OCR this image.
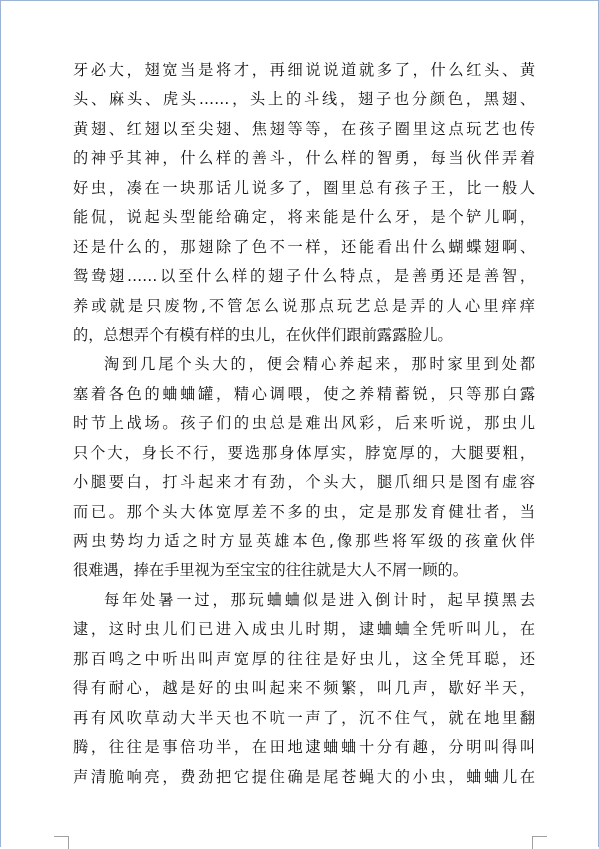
牙必大，翅宽当是将才，再细说说道就多了，什么红头、黄
头、麻头、虎头……，头上的斗线，翅子也分颜色，黑翅、
黄翅、红翅以至尖翅、焦翅等等，在孩子圈里这点玩艺也传
的神乎其神，什么样的善斗，什么样的智勇，每当伙伴弄着
好虫，凑在一块那话儿说多了，圈里总有孩子王，比一般人
能侃，说起头型能给确定，将来能是什么牙，是个铲儿啊，
还是什么的，那翅除了色不一样，还能看出什么蝴蝶翅啊、
鸳鸯翅……以至什么样的翅子什么特点，是善勇还是善智，
养或就是只废物,不管怎么说那点玩艺总是弄的人心里痒痒
的，总想弄个有模有样的虫儿，在伙伴们跟前露露脸儿。
淘到几尾个头大的，便会精心养起来，那时家里到处都
塞着各色的蛐蛐罐，精心调喂，使之养精蓄锐，只等那白露
时节上战场。孩子们的虫总是难出风彩，后来听说，那虫儿
只个大，身长不行，要选那身体厚实，脖宽厚的，大腿要粗，
小腿要白，打斗起来才有劲，个头大，腿爪细只是图有虚容
而已。那个头大体宽厚差不多的虫，定是那发育健壮者，当
两虫势均力适之时方显英雄本色,像那些将军级的孩童伙伴
很难遇，捧在手里视为至宝宝的往往就是大人不屑一顾的。
每年处暑一过，那玩蛐蛐似是进入倒计时，起早摸黑去
逮，这时虫儿们已进入成虫儿时期，逮蛐蛐全凭听叫儿，在
那百鸣之中听出叫声宽厚的往往是好虫儿，这全凭耳聪，还
得有耐心，越是好的虫叫起来不频繁，叫几声，歇好半天，
再有风吹草动大半天也不吭一声了，沉不住气，就在地里翻
腾，往往是事倍功半，在田地逮蛐蛐十分有趣，分明叫得叫
声清脆响亮，费劲把它提住确是尾苍蝇大的小虫，蛐蛐儿在
